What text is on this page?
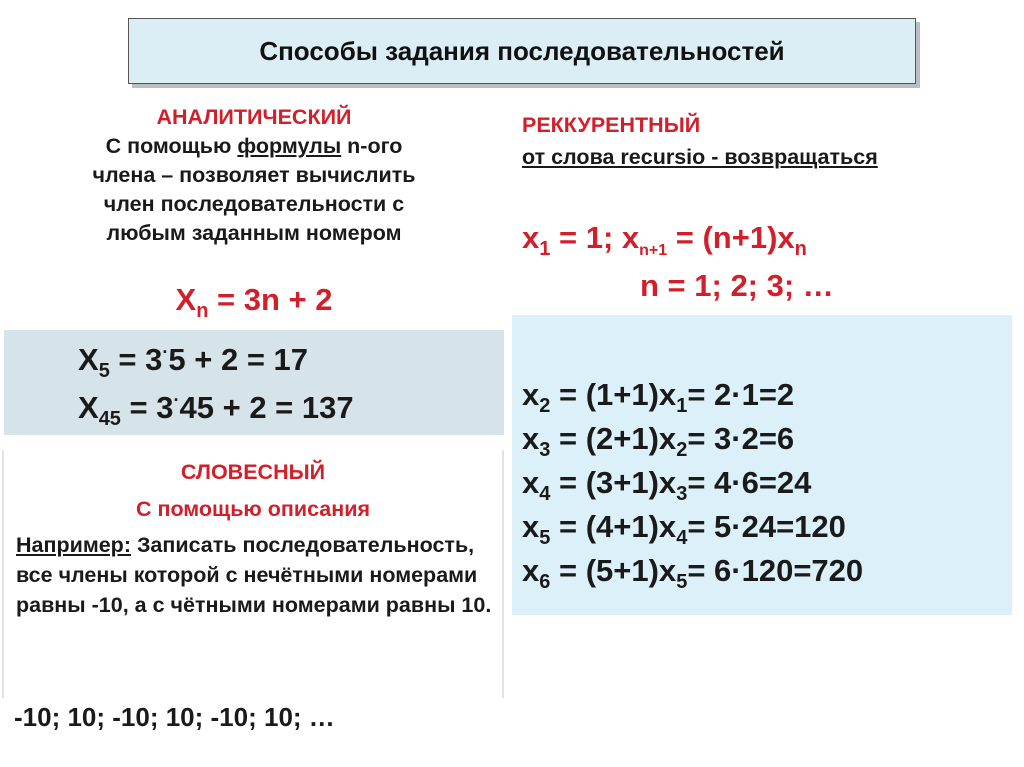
Способы задания последовательностей
АНАЛИТИЧЕСКИЙ
С помощью формулы n-ого
члена – позволяет вычислить
член последовательности с
любым заданным номером
$X_n = 3n + 2$
$X_5 = 3^\cdot 5 + 2 = 17$
$X_{45} = 3^\cdot 45 + 2 = 137$
СЛОВЕСНЫЙ
С помощью описания
Например: Записать последовательность, все члены которой с нечётными номерами равны -10, а с чётными номерами равны 10.
-10; 10; -10; 10; -10; 10; …
РЕККУРЕНТНЫЙ
от слова recursio - возвращаться
$x_1 = 1$; $x_{n+1} = (n+1)x_n$
n = 1; 2; 3; …
$x_2 = (1+1)x_1= 2\cdot 1=2$
$x_3 = (2+1)x_2= 3\cdot 2=6$
$x_4 = (3+1)x_3= 4\cdot 6=24$
$x_5 = (4+1)x_4= 5\cdot 24=120$
$x_6 = (5+1)x_5= 6\cdot 120=720$
